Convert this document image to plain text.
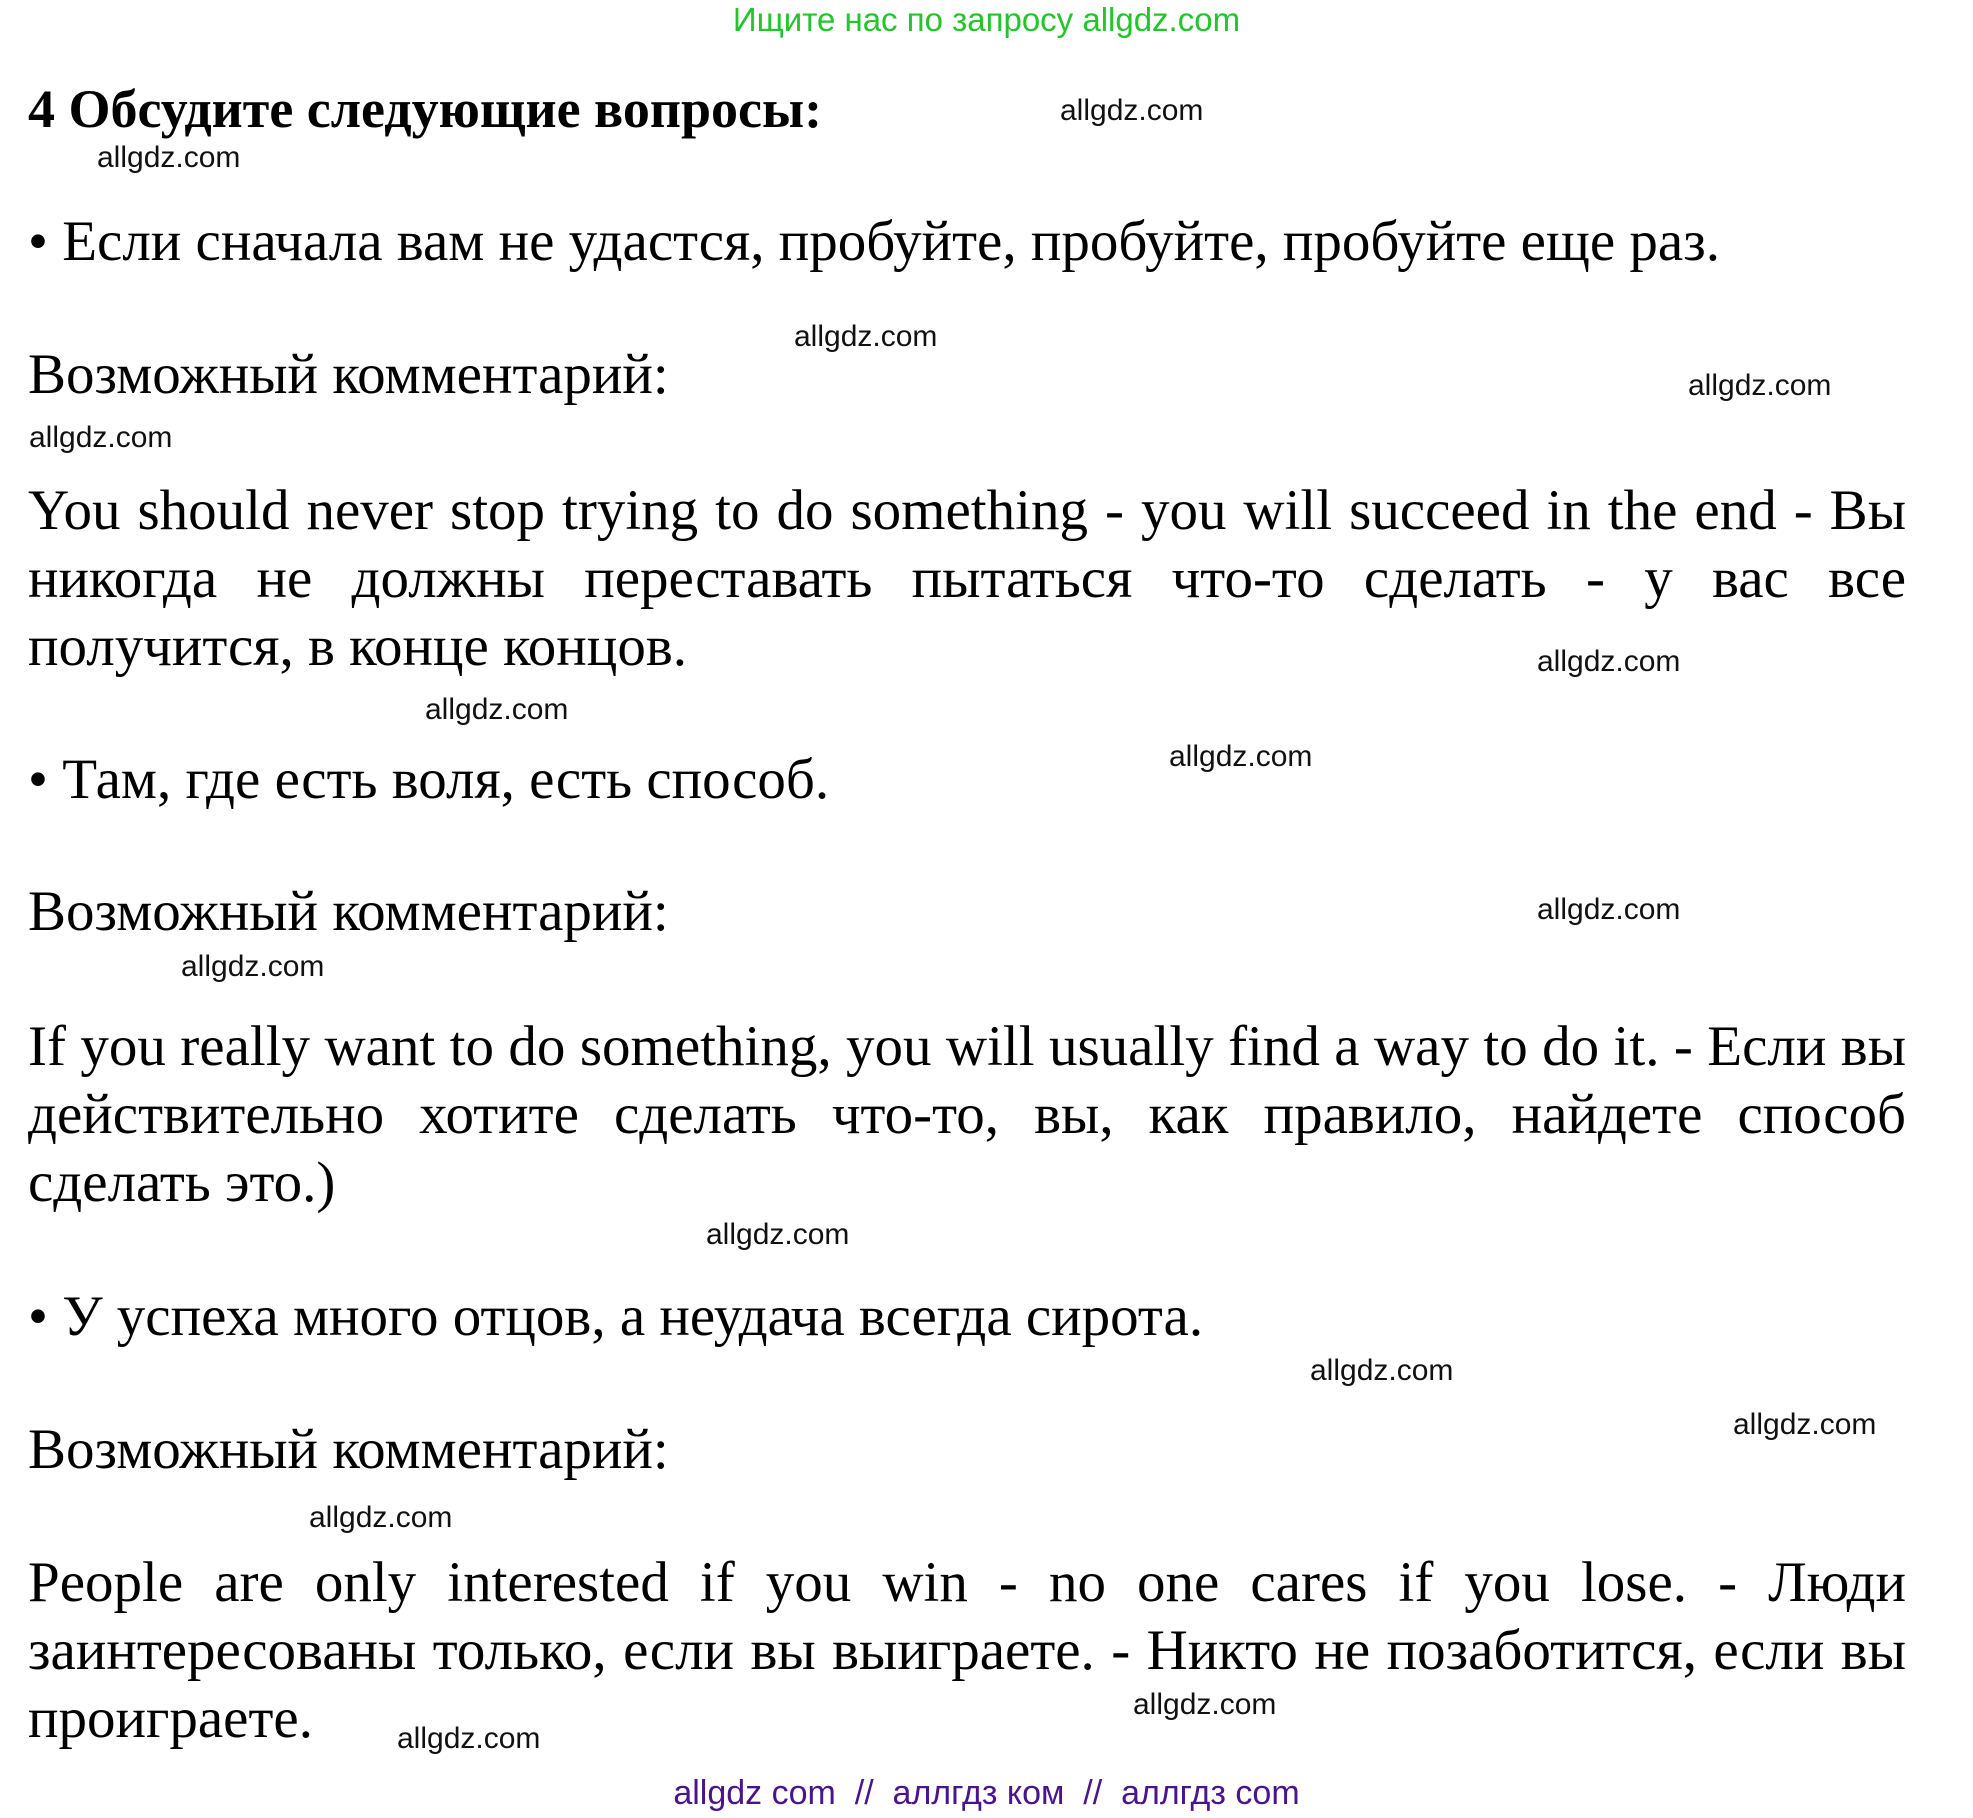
Ищите нас по запросу allgdz.com
4 Обсудите следующие вопросы:
• Если сначала вам не удастся, пробуйте, пробуйте, пробуйте еще раз.
Возможный комментарий:
You should never stop trying to do something - you will succeed in the end - Вы никогда не должны переставать пытаться что-то сделать - у вас все получится, в конце концов.
• Там, где есть воля, есть способ.
Возможный комментарий:
If you really want to do something, you will usually find a way to do it. - Если вы действительно хотите сделать что-то, вы, как правило, найдете способ сделать это.)
• У успеха много отцов, а неудача всегда сирота.
Возможный комментарий:
People are only interested if you win - no one cares if you lose. - Люди заинтересованы только, если вы выиграете. - Никто не позаботится, если вы проиграете.
allgdz.com
allgdz.com
allgdz.com
allgdz.com
allgdz.com
allgdz.com
allgdz.com
allgdz.com
allgdz.com
allgdz.com
allgdz.com
allgdz.com
allgdz.com
allgdz.com
allgdz.com
allgdz.com
allgdz com  //  аллгдз ком  //  аллгдз com
